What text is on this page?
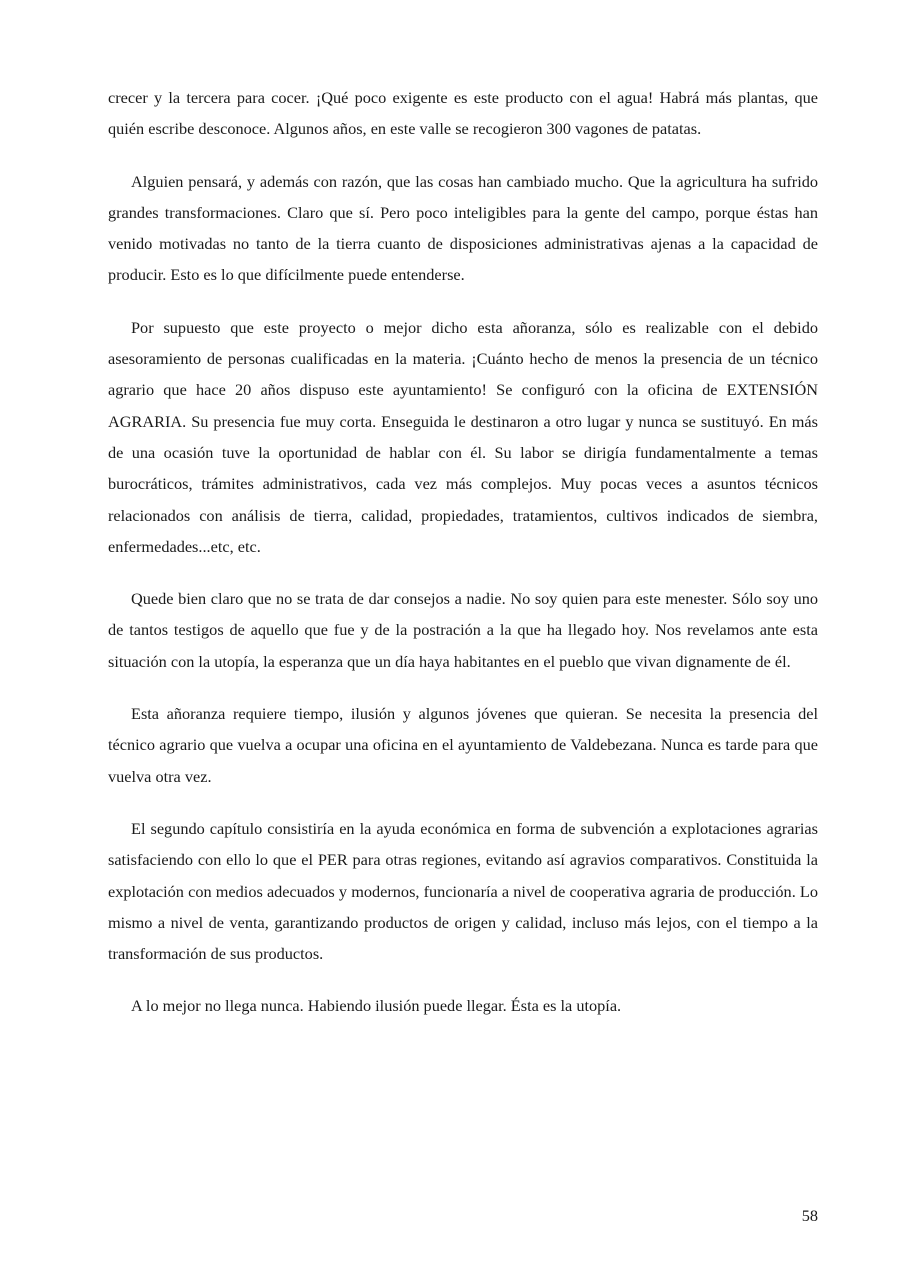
crecer y la tercera para cocer. ¡Qué poco exigente es este producto con el agua! Habrá más plantas, que quién escribe desconoce. Algunos años, en este valle se recogieron 300 vagones de patatas.

Alguien pensará, y además con razón, que las cosas han cambiado mucho. Que la agricultura ha sufrido grandes transformaciones. Claro que sí. Pero poco inteligibles para la gente del campo, porque éstas han venido motivadas no tanto de la tierra cuanto de disposiciones administrativas ajenas a la capacidad de producir. Esto es lo que difícilmente puede entenderse.

Por supuesto que este proyecto o mejor dicho esta añoranza, sólo es realizable con el debido asesoramiento de personas cualificadas en la materia. ¡Cuánto hecho de menos la presencia de un técnico agrario que hace 20 años dispuso este ayuntamiento! Se configuró con la oficina de EXTENSIÓN AGRARIA. Su presencia fue muy corta. Enseguida le destinaron a otro lugar y nunca se sustituyó. En más de una ocasión tuve la oportunidad de hablar con él. Su labor se dirigía fundamentalmente a temas burocráticos, trámites administrativos, cada vez más complejos. Muy pocas veces a asuntos técnicos relacionados con análisis de tierra, calidad, propiedades, tratamientos, cultivos indicados de siembra, enfermedades...etc, etc.

Quede bien claro que no se trata de dar consejos a nadie. No soy quien para este menester. Sólo soy uno de tantos testigos de aquello que fue y de la postración a la que ha llegado hoy. Nos revelamos ante esta situación con la utopía, la esperanza que un día haya habitantes en el pueblo que vivan dignamente de él.

Esta añoranza requiere tiempo, ilusión y algunos jóvenes que quieran. Se necesita la presencia del técnico agrario que vuelva a ocupar una oficina en el ayuntamiento de Valdebezana. Nunca es tarde para que vuelva otra vez.

El segundo capítulo consistiría en la ayuda económica en forma de subvención a explotaciones agrarias satisfaciendo con ello lo que el PER para otras regiones, evitando así agravios comparativos. Constituida la explotación con medios adecuados y modernos, funcionaría a nivel de cooperativa agraria de producción. Lo mismo a nivel de venta, garantizando productos de origen y calidad, incluso más lejos, con el tiempo a la transformación de sus productos.

A lo mejor no llega nunca. Habiendo ilusión puede llegar. Ésta es la utopía.

58
